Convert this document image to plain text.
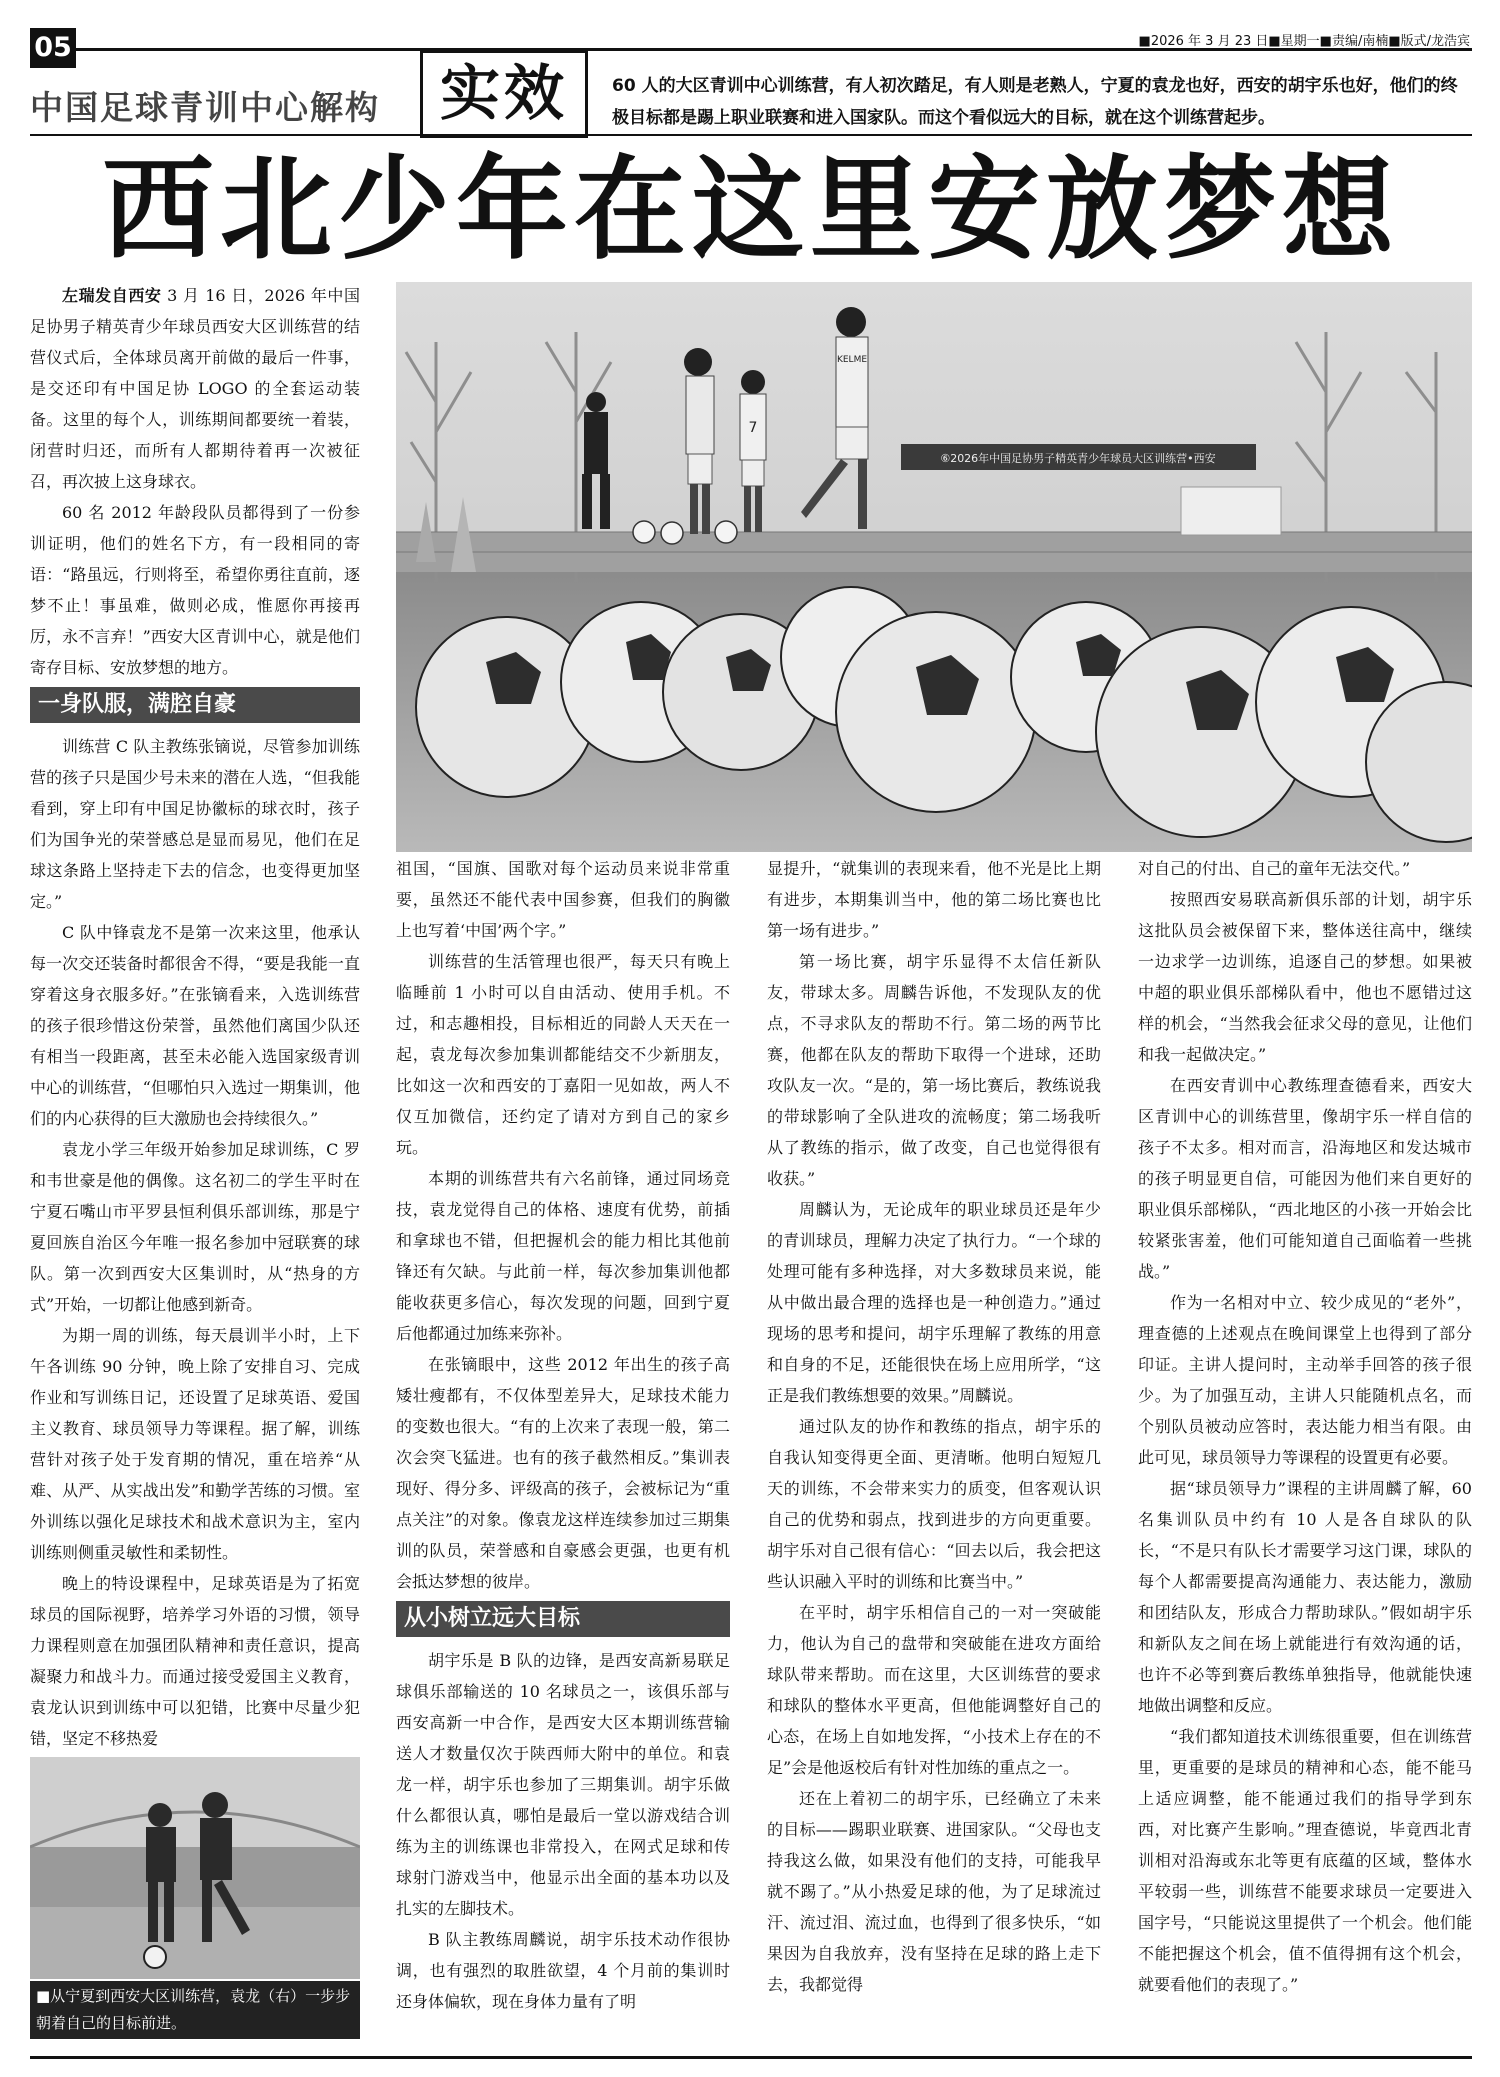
05	■2026 年 3 月 23 日■星期一■责编/南楠■版式/龙浩宾
中国足球青训中心解构	实效	60 人的大区青训中心训练营，有人初次踏足，有人则是老熟人，宁夏的袁龙也好，西安的胡宇乐也好，他们的终极目标都是踢上职业联赛和进入国家队。而这个看似远大的目标，就在这个训练营起步。
西北少年在这里安放梦想
⑥2026年中国足协男子精英青少年球员大区训练营•西安
7
KELME

左瑞发自西安 3 月 16 日，2026 年中国足协男子精英青少年球员西安大区训练营的结营仪式后，全体球员离开前做的最后一件事，是交还印有中国足协 LOGO 的全套运动装备。这里的每个人，训练期间都要统一着装，闭营时归还，而所有人都期待着再一次被征召，再次披上这身球衣。

60 名 2012 年龄段队员都得到了一份参训证明，他们的姓名下方，有一段相同的寄语：“路虽远，行则将至，希望你勇往直前，逐梦不止！事虽难，做则必成，惟愿你再接再厉，永不言弃！”西安大区青训中心，就是他们寄存目标、安放梦想的地方。

一身队服，满腔自豪

训练营 C 队主教练张镝说，尽管参加训练营的孩子只是国少号未来的潜在人选，“但我能看到，穿上印有中国足协徽标的球衣时，孩子们为国争光的荣誉感总是显而易见，他们在足球这条路上坚持走下去的信念，也变得更加坚定。”

C 队中锋袁龙不是第一次来这里，他承认每一次交还装备时都很舍不得，“要是我能一直穿着这身衣服多好。”在张镝看来，入选训练营的孩子很珍惜这份荣誉，虽然他们离国少队还有相当一段距离，甚至未必能入选国家级青训中心的训练营，“但哪怕只入选过一期集训，他们的内心获得的巨大激励也会持续很久。”

袁龙小学三年级开始参加足球训练，C 罗和韦世豪是他的偶像。这名初二的学生平时在宁夏石嘴山市平罗县恒利俱乐部训练，那是宁夏回族自治区今年唯一报名参加中冠联赛的球队。第一次到西安大区集训时，从“热身的方式”开始，一切都让他感到新奇。

为期一周的训练，每天晨训半小时，上下午各训练 90 分钟，晚上除了安排自习、完成作业和写训练日记，还设置了足球英语、爱国主义教育、球员领导力等课程。据了解，训练营针对孩子处于发育期的情况，重在培养“从难、从严、从实战出发”和勤学苦练的习惯。室外训练以强化足球技术和战术意识为主，室内训练则侧重灵敏性和柔韧性。

晚上的特设课程中，足球英语是为了拓宽球员的国际视野，培养学习外语的习惯，领导力课程则意在加强团队精神和责任意识，提高凝聚力和战斗力。而通过接受爱国主义教育，袁龙认识到训练中可以犯错，比赛中尽量少犯错，坚定不移热爱

■从宁夏到西安大区训练营，袁龙（右）一步步朝着自己的目标前进。

祖国，“国旗、国歌对每个运动员来说非常重要，虽然还不能代表中国参赛，但我们的胸徽上也写着‘中国’两个字。”

训练营的生活管理也很严，每天只有晚上临睡前 1 小时可以自由活动、使用手机。不过，和志趣相投，目标相近的同龄人天天在一起，袁龙每次参加集训都能结交不少新朋友，比如这一次和西安的丁嘉阳一见如故，两人不仅互加微信，还约定了请对方到自己的家乡玩。

本期的训练营共有六名前锋，通过同场竞技，袁龙觉得自己的体格、速度有优势，前插和拿球也不错，但把握机会的能力相比其他前锋还有欠缺。与此前一样，每次参加集训他都能收获更多信心，每次发现的问题，回到宁夏后他都通过加练来弥补。

在张镝眼中，这些 2012 年出生的孩子高矮壮瘦都有，不仅体型差异大，足球技术能力的变数也很大。“有的上次来了表现一般，第二次会突飞猛进。也有的孩子截然相反。”集训表现好、得分多、评级高的孩子，会被标记为“重点关注”的对象。像袁龙这样连续参加过三期集训的队员，荣誉感和自豪感会更强，也更有机会抵达梦想的彼岸。

从小树立远大目标

胡宇乐是 B 队的边锋，是西安高新易联足球俱乐部输送的 10 名球员之一，该俱乐部与西安高新一中合作，是西安大区本期训练营输送人才数量仅次于陕西师大附中的单位。和袁龙一样，胡宇乐也参加了三期集训。胡宇乐做什么都很认真，哪怕是最后一堂以游戏结合训练为主的训练课也非常投入，在网式足球和传球射门游戏当中，他显示出全面的基本功以及扎实的左脚技术。

B 队主教练周麟说，胡宇乐技术动作很协调，也有强烈的取胜欲望，4 个月前的集训时还身体偏软，现在身体力量有了明

显提升，“就集训的表现来看，他不光是比上期有进步，本期集训当中，他的第二场比赛也比第一场有进步。”

第一场比赛，胡宇乐显得不太信任新队友，带球太多。周麟告诉他，不发现队友的优点，不寻求队友的帮助不行。第二场的两节比赛，他都在队友的帮助下取得一个进球，还助攻队友一次。“是的，第一场比赛后，教练说我的带球影响了全队进攻的流畅度；第二场我听从了教练的指示，做了改变，自己也觉得很有收获。”

周麟认为，无论成年的职业球员还是年少的青训球员，理解力决定了执行力。“一个球的处理可能有多种选择，对大多数球员来说，能从中做出最合理的选择也是一种创造力。”通过现场的思考和提问，胡宇乐理解了教练的用意和自身的不足，还能很快在场上应用所学，“这正是我们教练想要的效果。”周麟说。

通过队友的协作和教练的指点，胡宇乐的自我认知变得更全面、更清晰。他明白短短几天的训练，不会带来实力的质变，但客观认识自己的优势和弱点，找到进步的方向更重要。胡宇乐对自己很有信心：“回去以后，我会把这些认识融入平时的训练和比赛当中。”

在平时，胡宇乐相信自己的一对一突破能力，他认为自己的盘带和突破能在进攻方面给球队带来帮助。而在这里，大区训练营的要求和球队的整体水平更高，但他能调整好自己的心态，在场上自如地发挥，“小技术上存在的不足”会是他返校后有针对性加练的重点之一。

还在上着初二的胡宇乐，已经确立了未来的目标——踢职业联赛、进国家队。“父母也支持我这么做，如果没有他们的支持，可能我早就不踢了。”从小热爱足球的他，为了足球流过汗、流过泪、流过血，也得到了很多快乐，“如果因为自我放弃，没有坚持在足球的路上走下去，我都觉得

对自己的付出、自己的童年无法交代。”

按照西安易联高新俱乐部的计划，胡宇乐这批队员会被保留下来，整体送往高中，继续一边求学一边训练，追逐自己的梦想。如果被中超的职业俱乐部梯队看中，他也不愿错过这样的机会，“当然我会征求父母的意见，让他们和我一起做决定。”

在西安青训中心教练理查德看来，西安大区青训中心的训练营里，像胡宇乐一样自信的孩子不太多。相对而言，沿海地区和发达城市的孩子明显更自信，可能因为他们来自更好的职业俱乐部梯队，“西北地区的小孩一开始会比较紧张害羞，他们可能知道自己面临着一些挑战。”

作为一名相对中立、较少成见的“老外”，理查德的上述观点在晚间课堂上也得到了部分印证。主讲人提问时，主动举手回答的孩子很少。为了加强互动，主讲人只能随机点名，而个别队员被动应答时，表达能力相当有限。由此可见，球员领导力等课程的设置更有必要。

据“球员领导力”课程的主讲周麟了解，60 名集训队员中约有 10 人是各自球队的队长，“不是只有队长才需要学习这门课，球队的每个人都需要提高沟通能力、表达能力，激励和团结队友，形成合力帮助球队。”假如胡宇乐和新队友之间在场上就能进行有效沟通的话，也许不必等到赛后教练单独指导，他就能快速地做出调整和反应。

“我们都知道技术训练很重要，但在训练营里，更重要的是球员的精神和心态，能不能马上适应调整，能不能通过我们的指导学到东西，对比赛产生影响。”理查德说，毕竟西北青训相对沿海或东北等更有底蕴的区域，整体水平较弱一些，训练营不能要求球员一定要进入国字号，“只能说这里提供了一个机会。他们能不能把握这个机会，值不值得拥有这个机会，就要看他们的表现了。”
